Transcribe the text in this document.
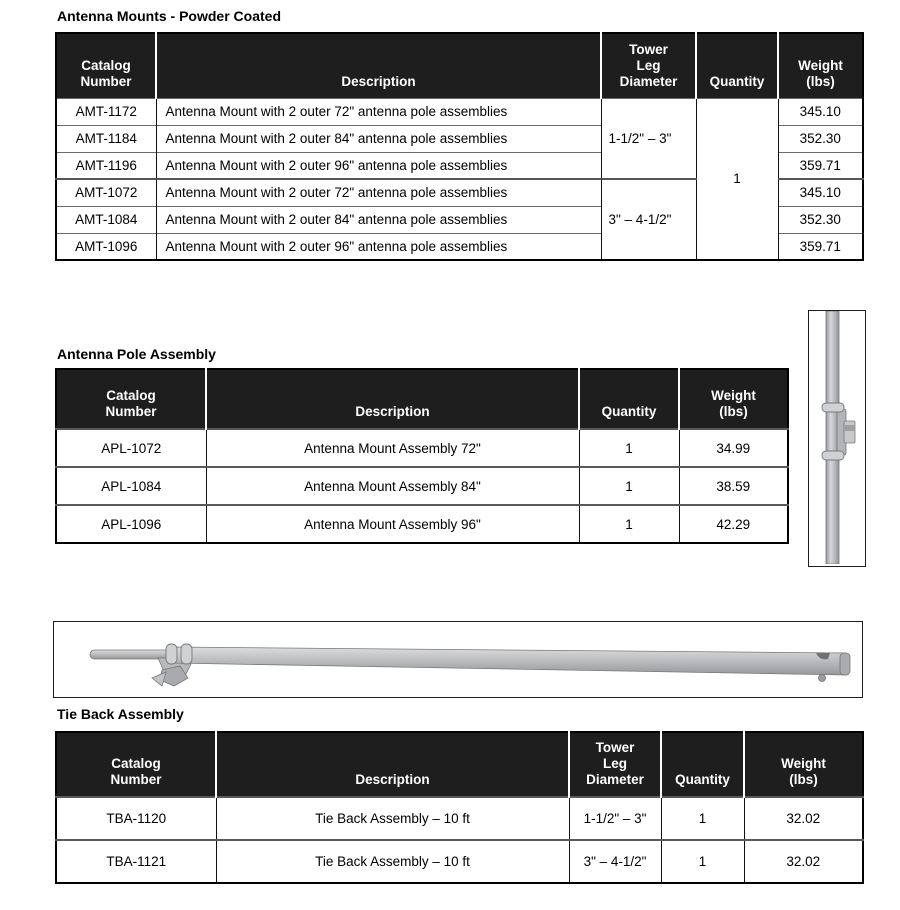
Antenna Mounts - Powder Coated
Catalog
Number	Description	Tower
Leg
Diameter	Quantity	Weight
(lbs)

AMT-1172	Antenna Mount with 2 outer 72" antenna pole assemblies	1-1/2" – 3"	1	345.10
AMT-1184	Antenna Mount with 2 outer 84" antenna pole assemblies			352.30
AMT-1196	Antenna Mount with 2 outer 96" antenna pole assemblies			359.71
AMT-1072	Antenna Mount with 2 outer 72" antenna pole assemblies	3" – 4-1/2"		345.10
AMT-1084	Antenna Mount with 2 outer 84" antenna pole assemblies			352.30
AMT-1096	Antenna Mount with 2 outer 96" antenna pole assemblies			359.71
Antenna Pole Assembly
Catalog
Number	Description	Quantity	Weight
(lbs)

APL-1072	Antenna Mount Assembly 72"	1	34.99
APL-1084	Antenna Mount Assembly 84"	1	38.59
APL-1096	Antenna Mount Assembly 96"	1	42.29
Tie Back Assembly
Catalog
Number	Description	Tower
Leg
Diameter	Quantity	Weight
(lbs)

TBA-1120	Tie Back Assembly – 10 ft	1-1/2" – 3"	1	32.02
TBA-1121	Tie Back Assembly – 10 ft	3" – 4-1/2"	1	32.02
